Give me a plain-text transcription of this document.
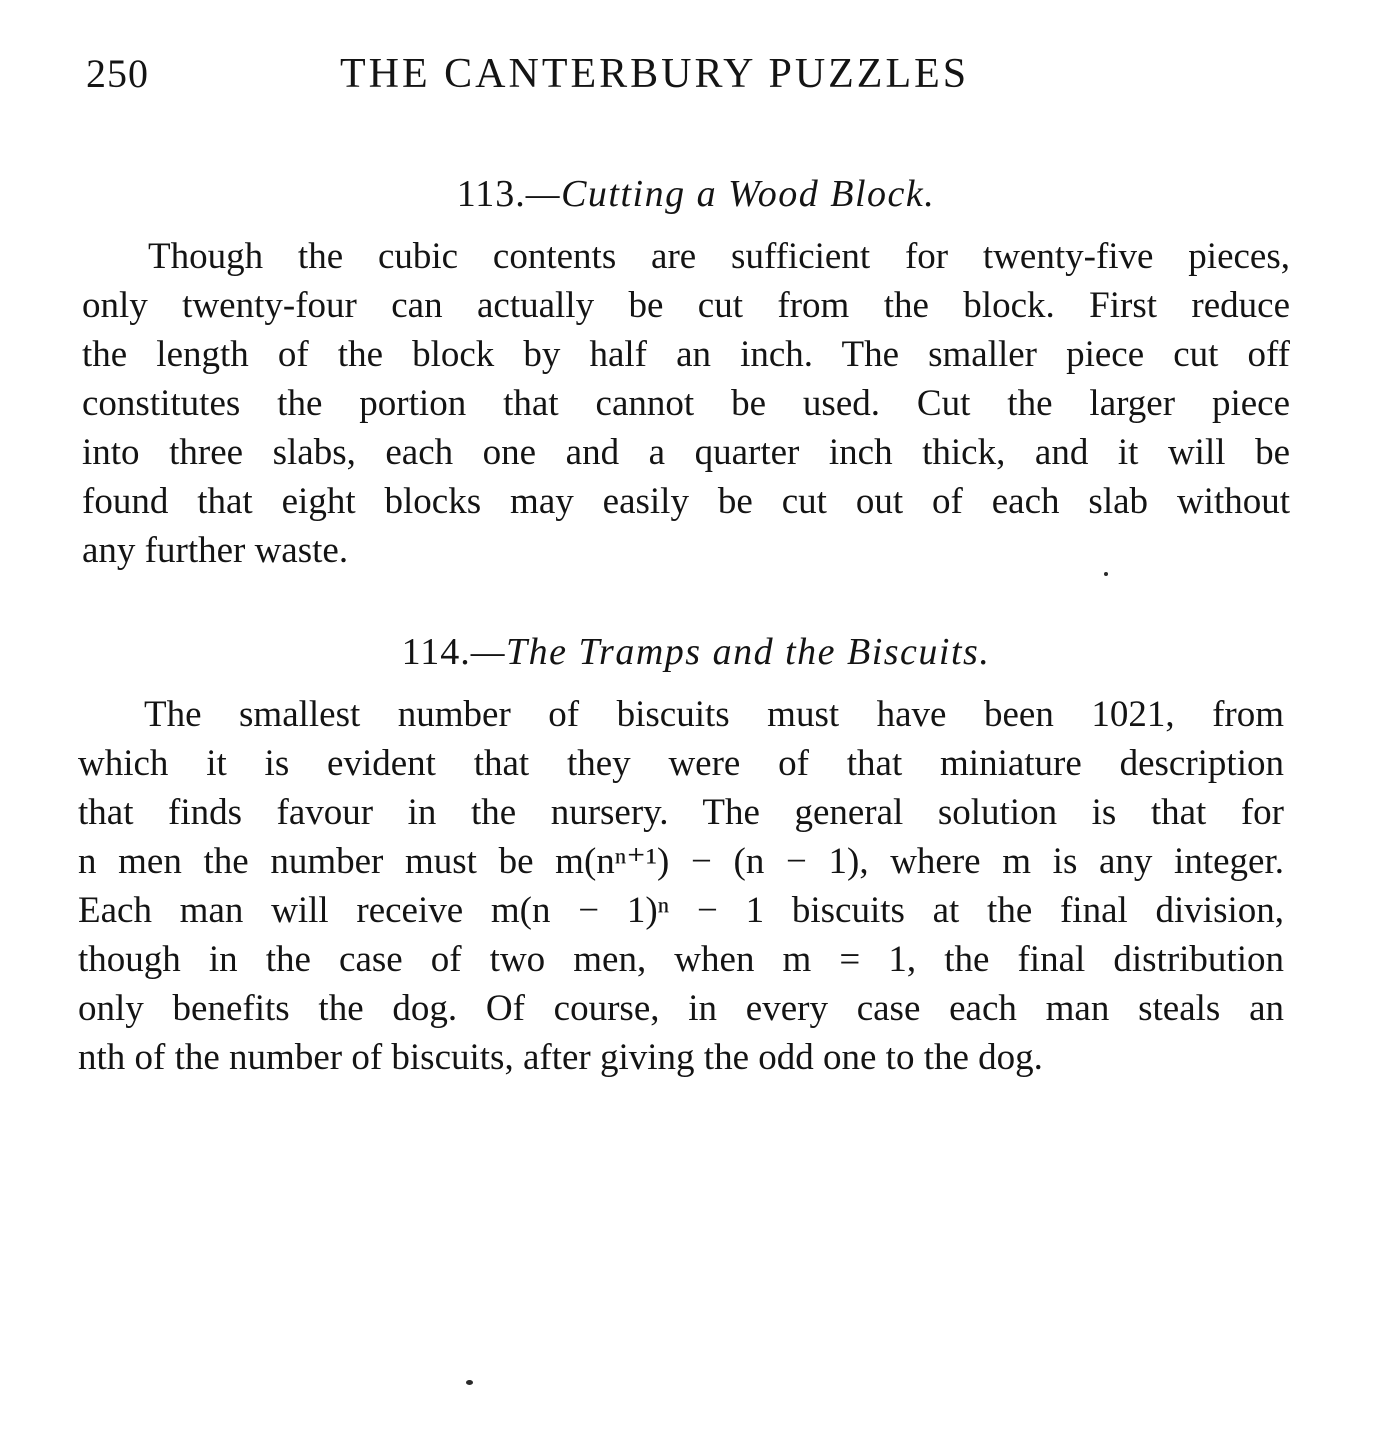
250	THE CANTERBURY PUZZLES
113.—Cutting a Wood Block.
Though the cubic contents are sufficient for twenty-five pieces,
only twenty-four can actually be cut from the block. First reduce
the length of the block by half an inch. The smaller piece cut off
constitutes the portion that cannot be used. Cut the larger piece
into three slabs, each one and a quarter inch thick, and it will be
found that eight blocks may easily be cut out of each slab without
any further waste.
114.—The Tramps and the Biscuits.
The smallest number of biscuits must have been 1021, from
which it is evident that they were of that miniature description
that finds favour in the nursery. The general solution is that for
n men the number must be m(nⁿ⁺¹) − (n − 1), where m is any integer.
Each man will receive m(n − 1)ⁿ − 1 biscuits at the final division,
though in the case of two men, when m = 1, the final distribution
only benefits the dog. Of course, in every case each man steals an
nth of the number of biscuits, after giving the odd one to the dog.
